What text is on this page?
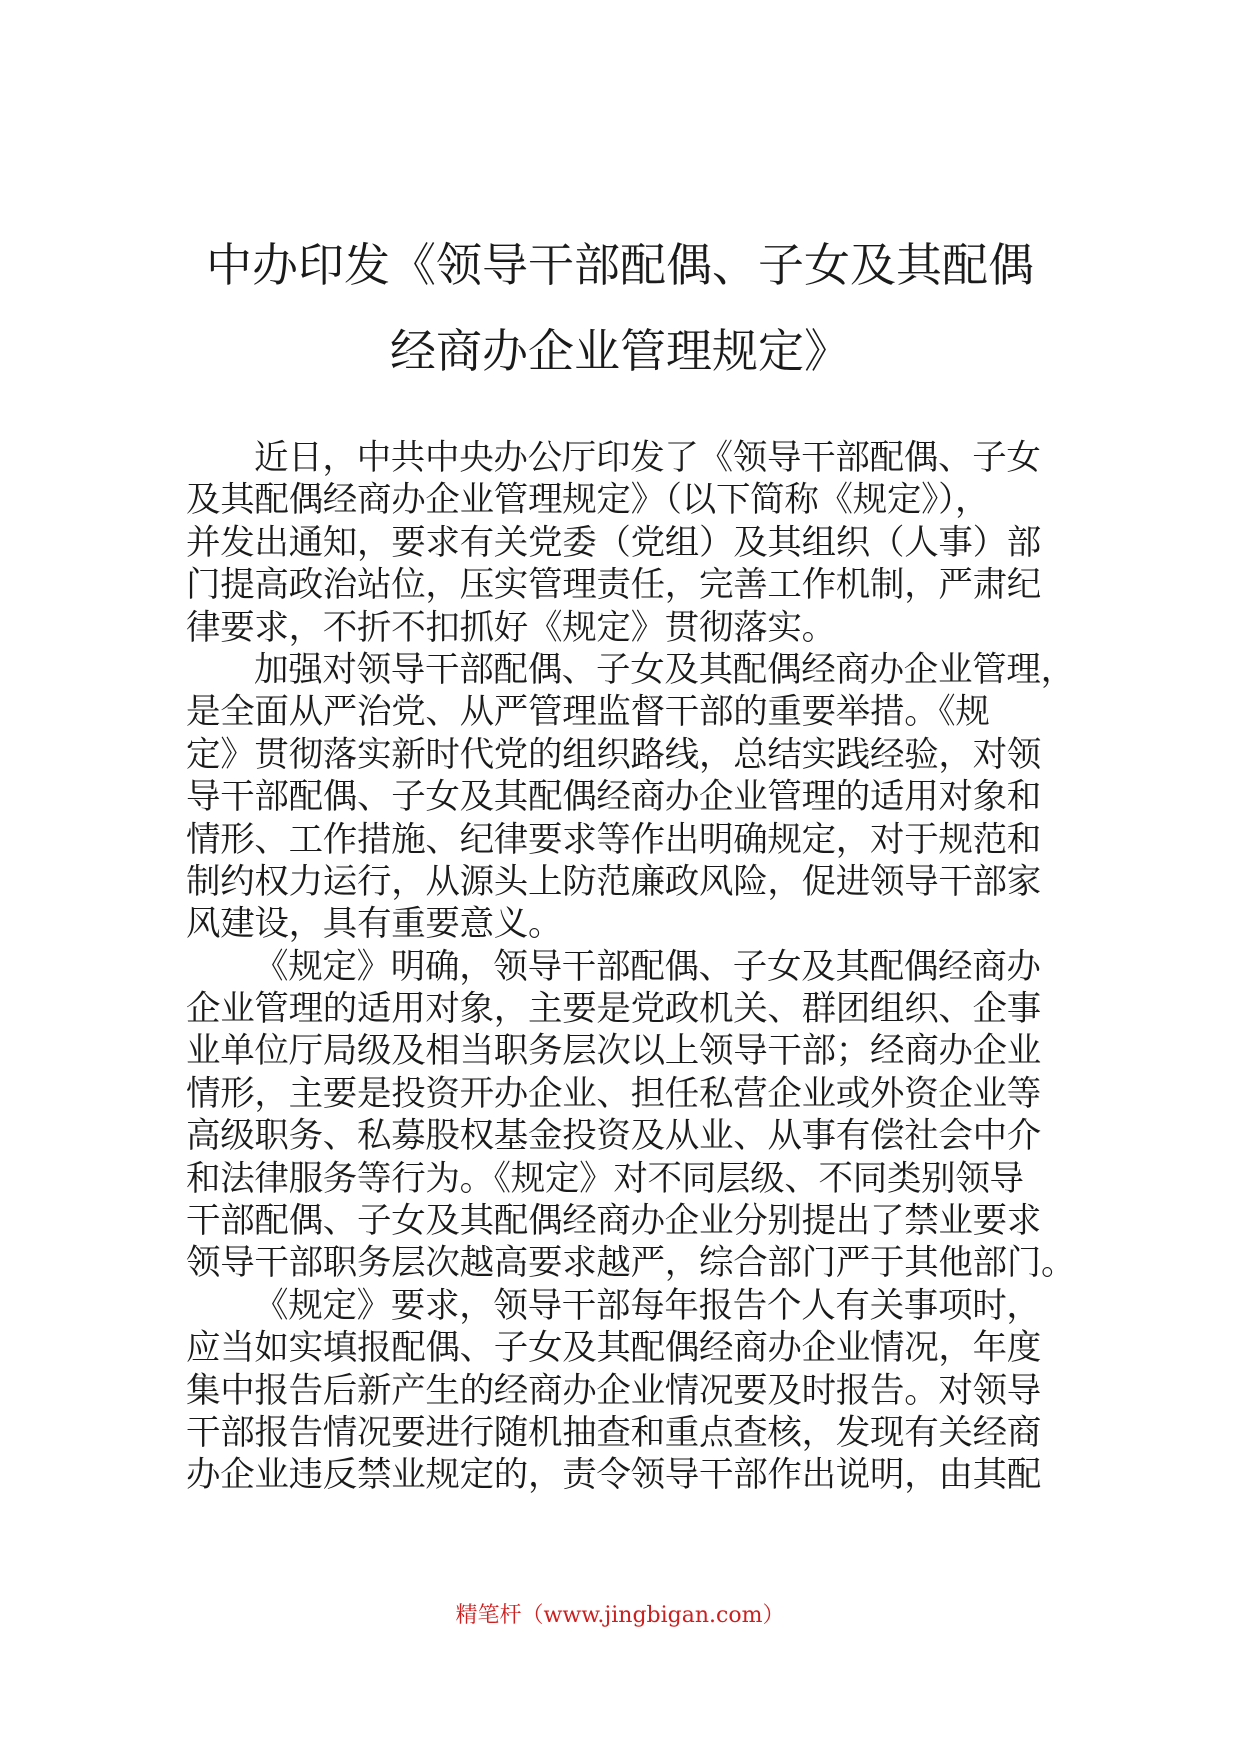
中办印发《领导干部配偶、子女及其配偶
经商办企业管理规定》
近日，中共中央办公厅印发了《领导干部配偶、子女
及其配偶经商办企业管理规定》（以下简称《规定》），
并发出通知，要求有关党委（党组）及其组织（人事）部
门提高政治站位，压实管理责任，完善工作机制，严肃纪
律要求，不折不扣抓好《规定》贯彻落实。
加强对领导干部配偶、子女及其配偶经商办企业管理，
是全面从严治党、从严管理监督干部的重要举措。《规
定》贯彻落实新时代党的组织路线，总结实践经验，对领
导干部配偶、子女及其配偶经商办企业管理的适用对象和
情形、工作措施、纪律要求等作出明确规定，对于规范和
制约权力运行，从源头上防范廉政风险，促进领导干部家
风建设，具有重要意义。
《规定》明确，领导干部配偶、子女及其配偶经商办
企业管理的适用对象，主要是党政机关、群团组织、企事
业单位厅局级及相当职务层次以上领导干部；经商办企业
情形，主要是投资开办企业、担任私营企业或外资企业等
高级职务、私募股权基金投资及从业、从事有偿社会中介
和法律服务等行为。《规定》对不同层级、不同类别领导
干部配偶、子女及其配偶经商办企业分别提出了禁业要求
领导干部职务层次越高要求越严，综合部门严于其他部门。
《规定》要求，领导干部每年报告个人有关事项时，
应当如实填报配偶、子女及其配偶经商办企业情况，年度
集中报告后新产生的经商办企业情况要及时报告。对领导
干部报告情况要进行随机抽查和重点查核，发现有关经商
办企业违反禁业规定的，责令领导干部作出说明，由其配
精笔杆（www.jingbigan.com）
